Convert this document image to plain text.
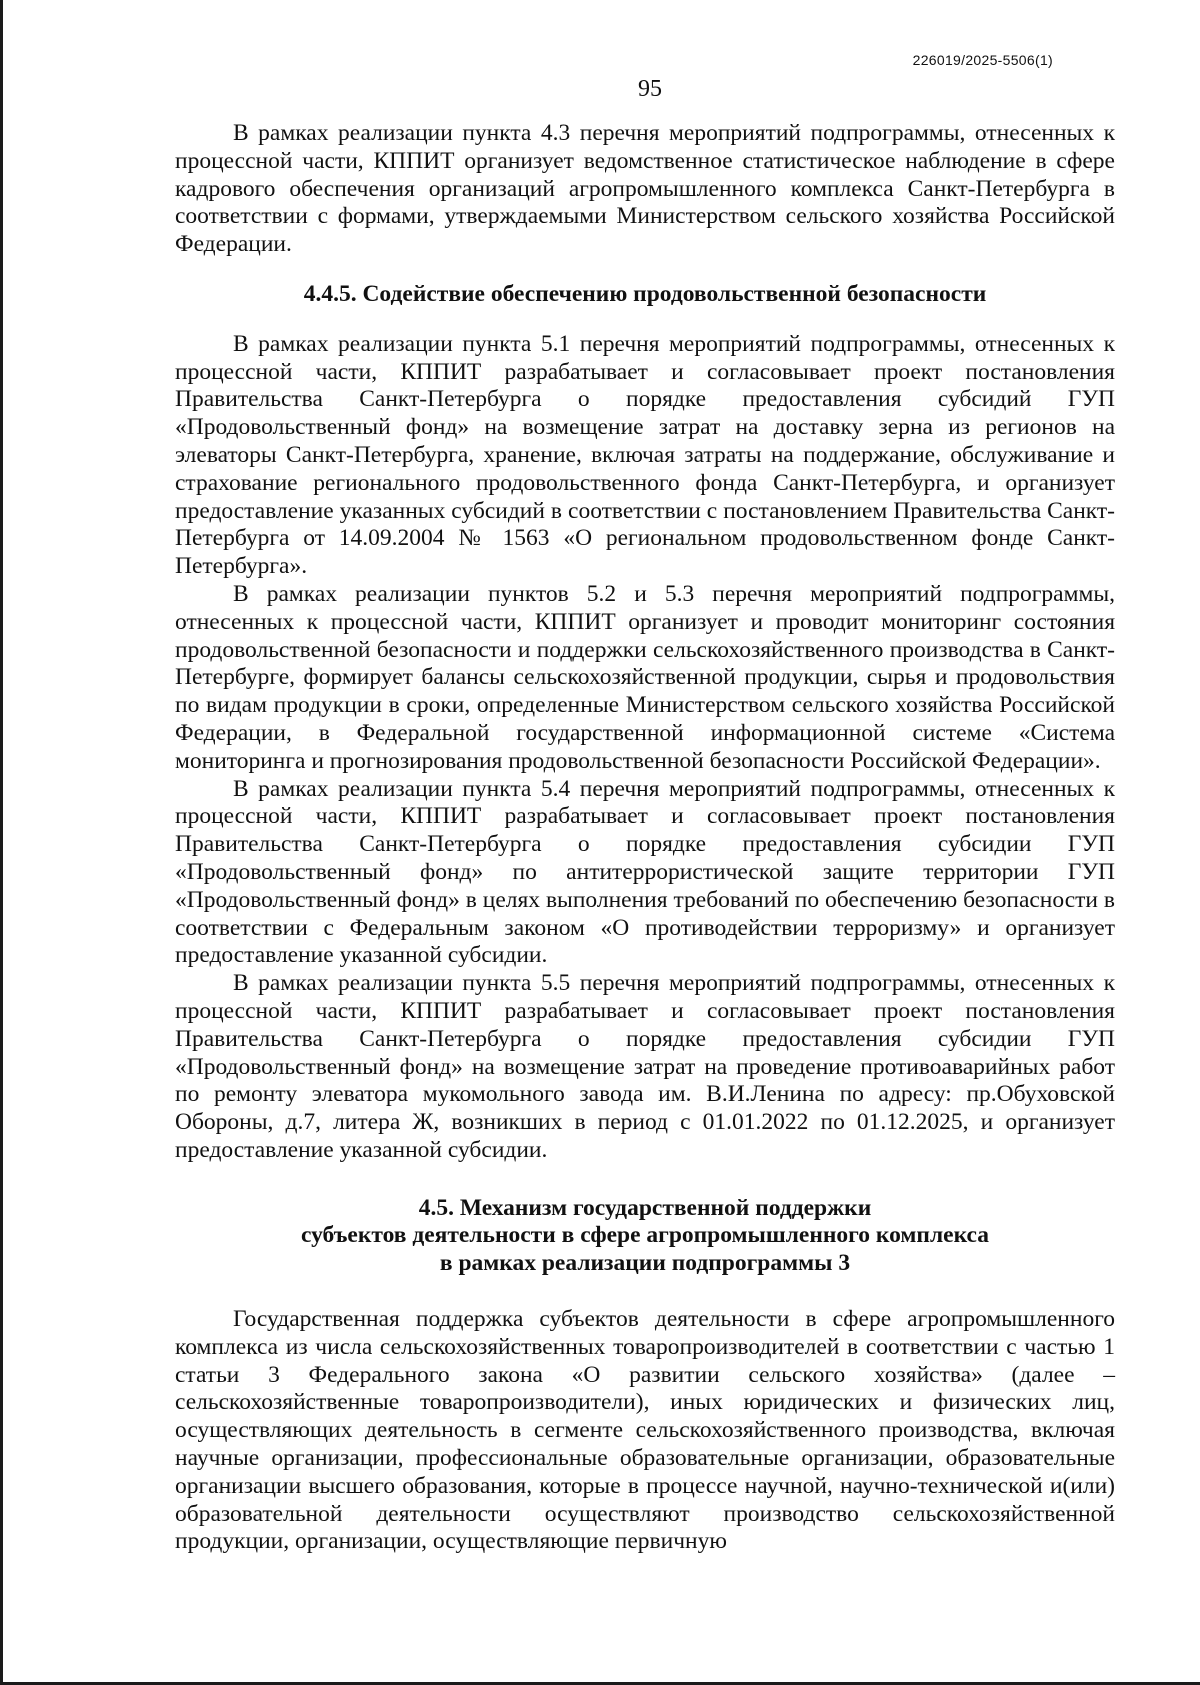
226019/2025-5506(1)
95

В рамках реализации пункта 4.3 перечня мероприятий подпрограммы, отнесенных к процессной части, КППИТ организует ведомственное статистическое наблюдение в сфере кадрового обеспечения организаций агропромышленного комплекса Санкт-Петербурга в соответствии с формами, утверждаемыми Министерством сельского хозяйства Российской Федерации.

4.4.5. Содействие обеспечению продовольственной безопасности

В рамках реализации пункта 5.1 перечня мероприятий подпрограммы, отнесенных к процессной части, КППИТ разрабатывает и согласовывает проект постановления Правительства Санкт-Петербурга о порядке предоставления субсидий ГУП «Продовольственный фонд» на возмещение затрат на доставку зерна из регионов на элеваторы Санкт-Петербурга, хранение, включая затраты на поддержание, обслуживание и страхование регионального продовольственного фонда Санкт-Петербурга, и организует предоставление указанных субсидий в соответствии с постановлением Правительства Санкт-Петербурга от 14.09.2004 № 1563 «О региональном продовольственном фонде Санкт-Петербурга».

В рамках реализации пунктов 5.2 и 5.3 перечня мероприятий подпрограммы, отнесенных к процессной части, КППИТ организует и проводит мониторинг состояния продовольственной безопасности и поддержки сельскохозяйственного производства в Санкт-Петербурге, формирует балансы сельскохозяйственной продукции, сырья и продовольствия по видам продукции в сроки, определенные Министерством сельского хозяйства Российской Федерации, в Федеральной государственной информационной системе «Система мониторинга и прогнозирования продовольственной безопасности Российской Федерации».

В рамках реализации пункта 5.4 перечня мероприятий подпрограммы, отнесенных к процессной части, КППИТ разрабатывает и согласовывает проект постановления Правительства Санкт-Петербурга о порядке предоставления субсидии ГУП «Продовольственный фонд» по антитеррористической защите территории ГУП «Продовольственный фонд» в целях выполнения требований по обеспечению безопасности в соответствии с Федеральным законом «О противодействии терроризму» и организует предоставление указанной субсидии.

В рамках реализации пункта 5.5 перечня мероприятий подпрограммы, отнесенных к процессной части, КППИТ разрабатывает и согласовывает проект постановления Правительства Санкт-Петербурга о порядке предоставления субсидии ГУП «Продовольственный фонд» на возмещение затрат на проведение противоаварийных работ по ремонту элеватора мукомольного завода им. В.И.Ленина по адресу: пр.Обуховской Обороны, д.7, литера Ж, возникших в период с 01.01.2022 по 01.12.2025, и организует предоставление указанной субсидии.

4.5. Механизм государственной поддержки
субъектов деятельности в сфере агропромышленного комплекса
в рамках реализации подпрограммы 3

Государственная поддержка субъектов деятельности в сфере агропромышленного комплекса из числа сельскохозяйственных товаропроизводителей в соответствии с частью 1 статьи 3 Федерального закона «О развитии сельского хозяйства» (далее – сельскохозяйственные товаропроизводители), иных юридических и физических лиц, осуществляющих деятельность в сегменте сельскохозяйственного производства, включая научные организации, профессиональные образовательные организации, образовательные организации высшего образования, которые в процессе научной, научно-технической и(или) образовательной деятельности осуществляют производство сельскохозяйственной продукции, организации, осуществляющие первичную
